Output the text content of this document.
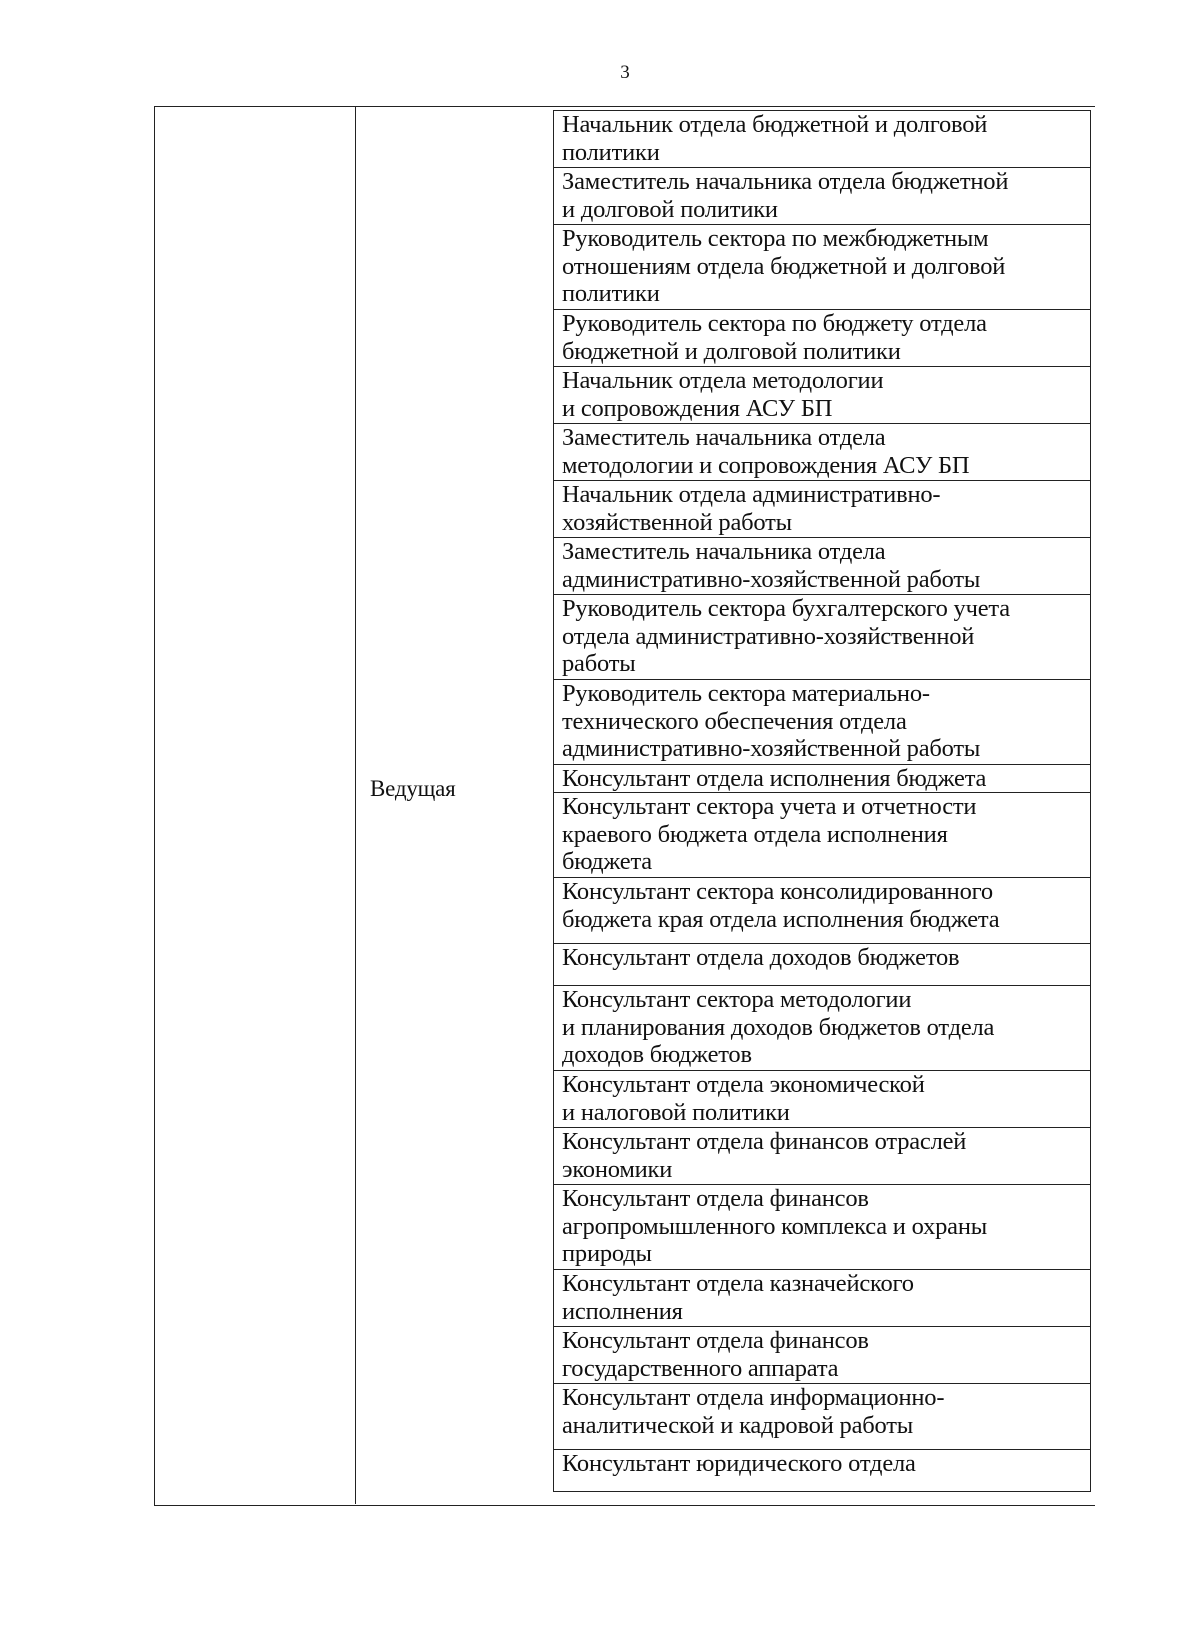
3
Ведущая
Начальник отдела бюджетной и долговой
политики
Заместитель начальника отдела бюджетной
и долговой политики
Руководитель сектора по межбюджетным
отношениям отдела бюджетной и долговой
политики
Руководитель сектора по бюджету отдела
бюджетной и долговой политики
Начальник отдела методологии
и сопровождения АСУ БП
Заместитель начальника отдела
методологии и сопровождения АСУ БП
Начальник отдела административно-
хозяйственной работы
Заместитель начальника отдела
административно-хозяйственной работы
Руководитель сектора бухгалтерского учета
отдела административно-хозяйственной
работы
Руководитель сектора материально-
технического обеспечения отдела
административно-хозяйственной работы
Консультант отдела исполнения бюджета
Консультант сектора учета и отчетности
краевого бюджета отдела исполнения
бюджета
Консультант сектора консолидированного
бюджета края отдела исполнения бюджета
Консультант отдела доходов бюджетов
Консультант сектора методологии
и планирования доходов бюджетов отдела
доходов бюджетов
Консультант отдела экономической
и налоговой политики
Консультант отдела финансов отраслей
экономики
Консультант отдела финансов
агропромышленного комплекса и охраны
природы
Консультант отдела казначейского
исполнения
Консультант отдела финансов
государственного аппарата
Консультант отдела информационно-
аналитической и кадровой работы
Консультант юридического отдела
